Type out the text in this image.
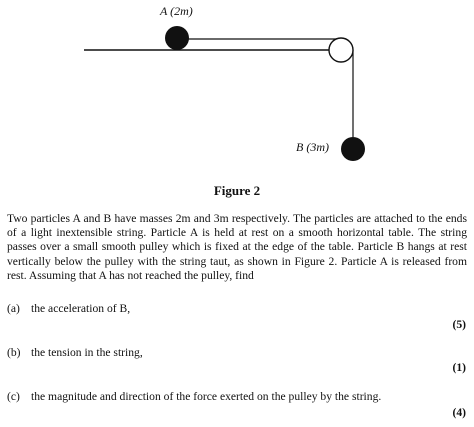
A (2m)
B (3m)
Figure 2

Two particles A and B have masses 2m and 3m respectively. The particles are attached to the ends of a light inextensible string. Particle A is held at rest on a smooth horizontal table. The string passes over a small smooth pulley which is fixed at the edge of the table. Particle B hangs at rest vertically below the pulley with the string taut, as shown in Figure 2. Particle A is released from rest. Assuming that A has not reached the pulley, find

(a) the acceleration of B,
(5)
(b) the tension in the string,
(1)
(c) the magnitude and direction of the force exerted on the pulley by the string.
(4)
